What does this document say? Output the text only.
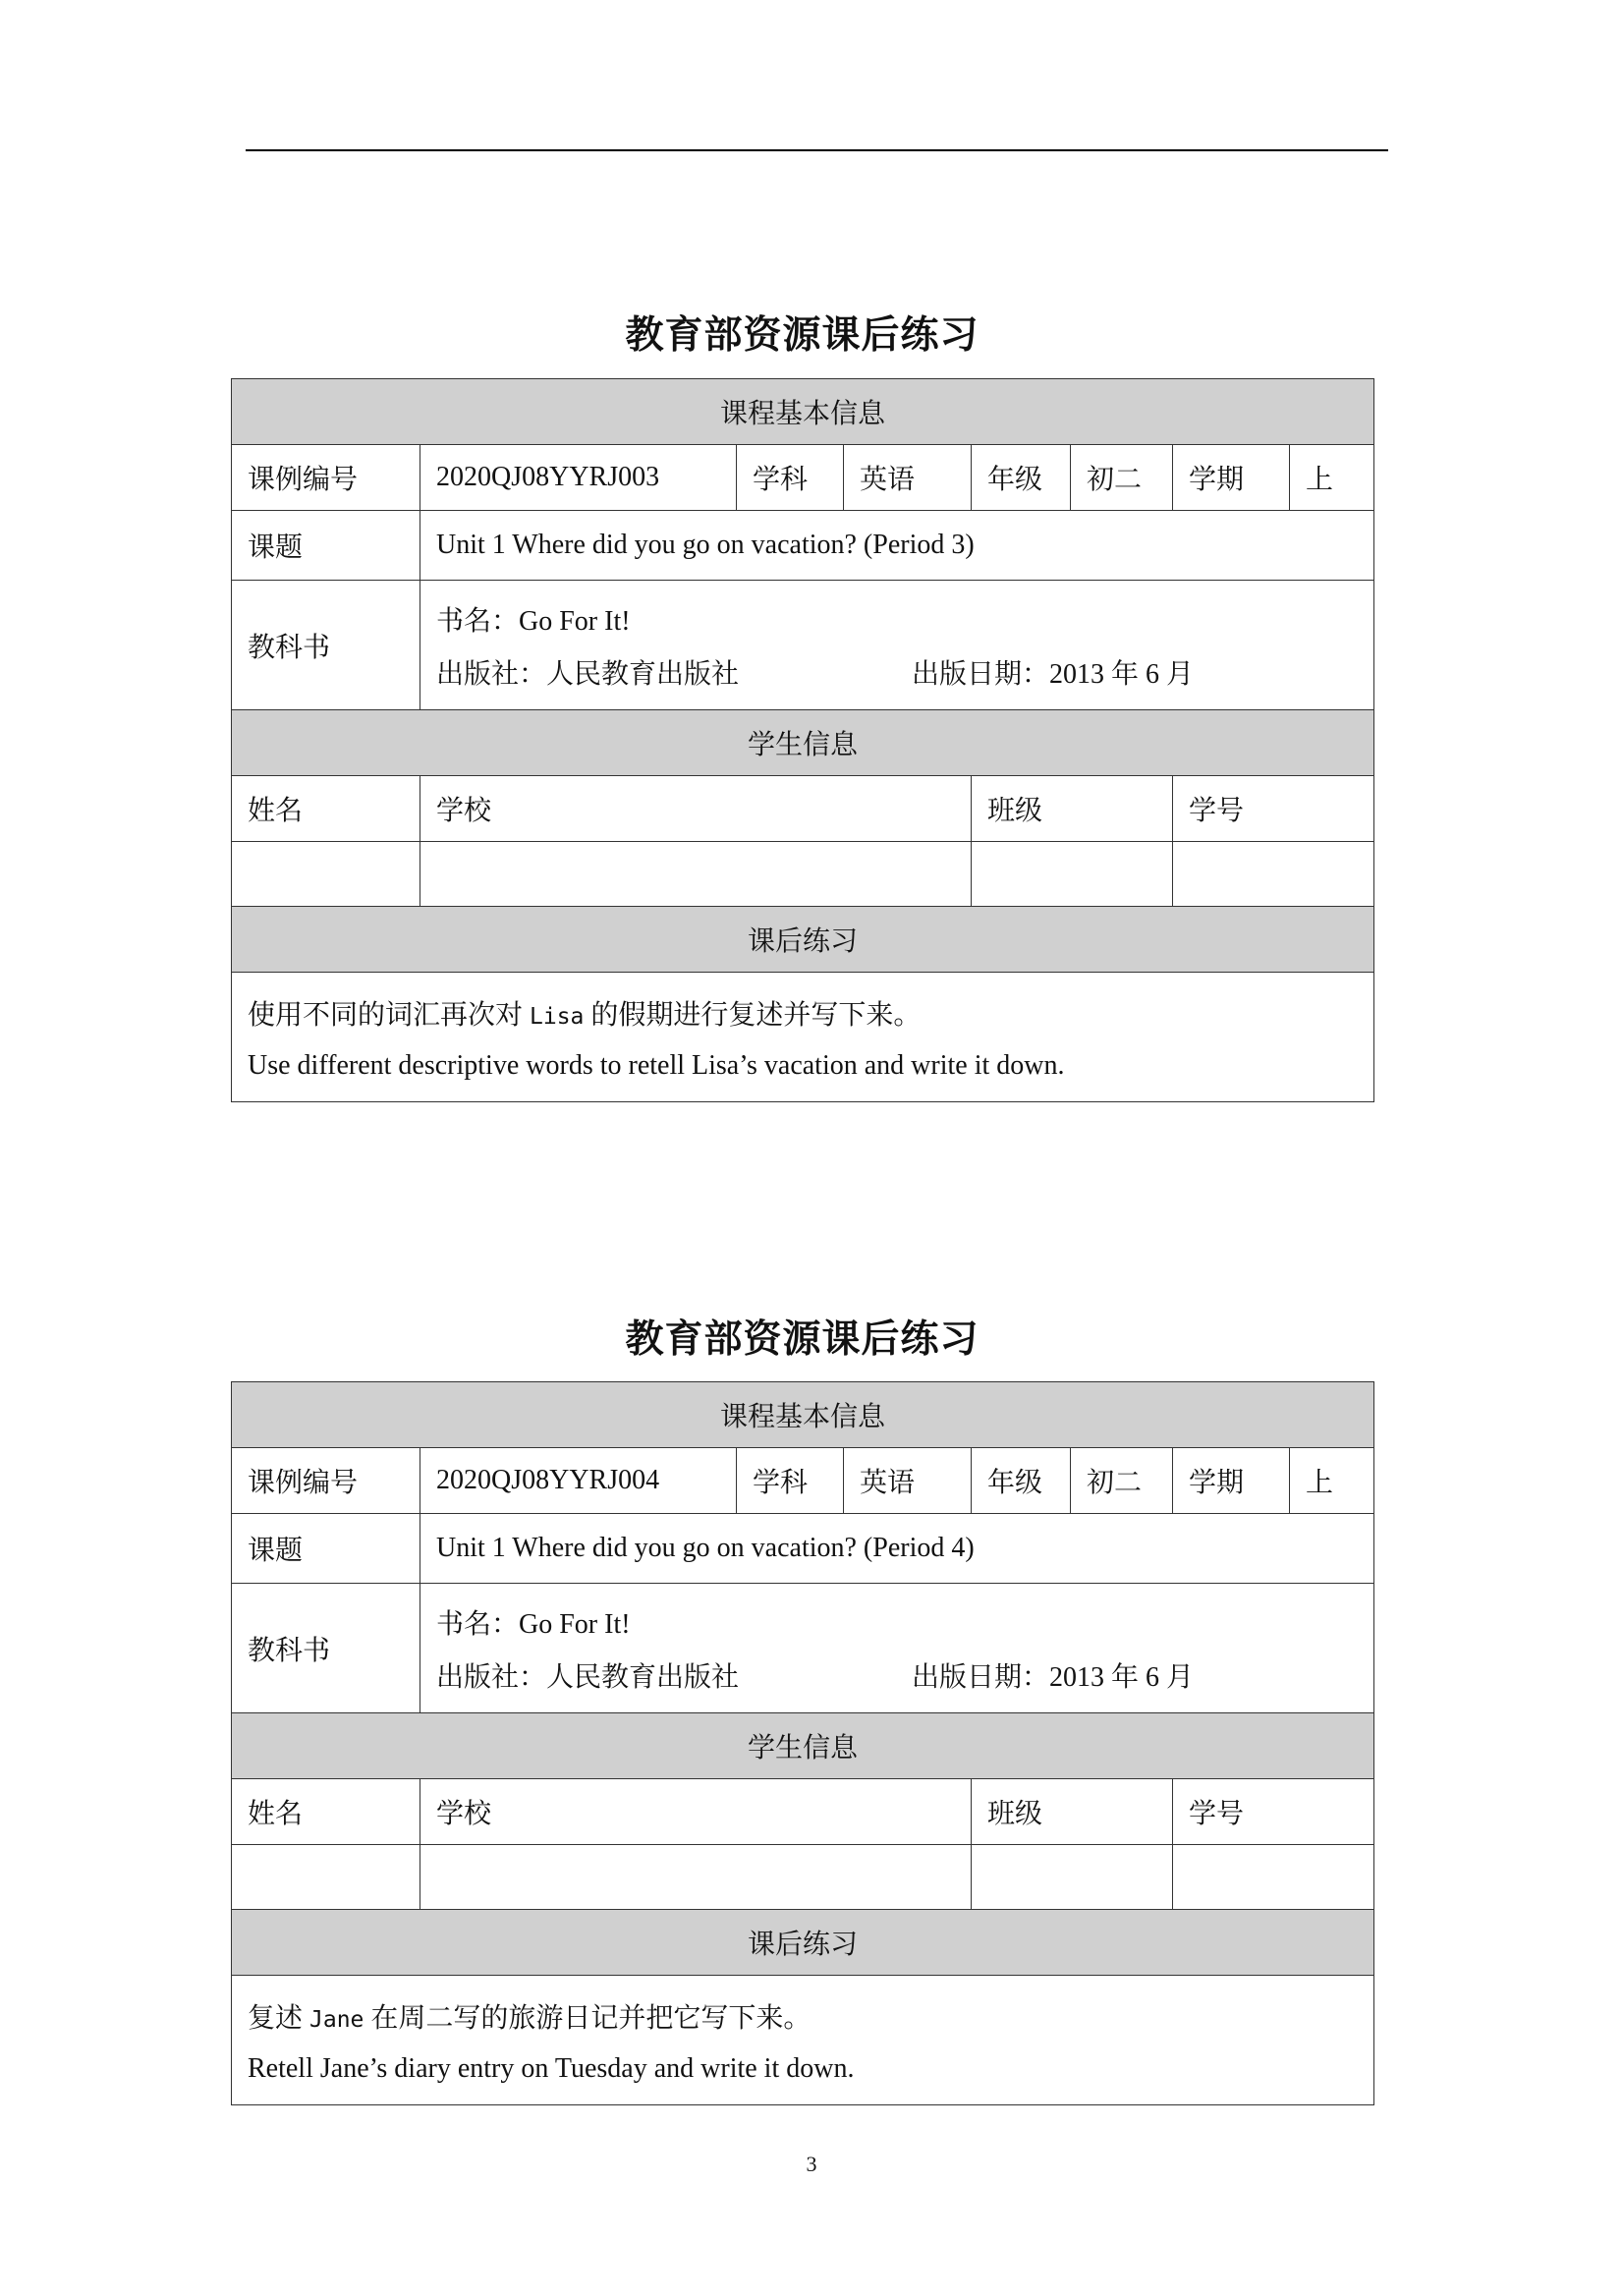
教育部资源课后练习
课程基本信息							
课例编号	2020QJ08YYRJ003	学科	英语	年级	初二	学期	上
课题	Unit 1 Where did you go on vacation? (Period 3)						
教科书	书名：Go For It!
出版社：人民教育出版社 出版日期：2013 年 6 月						

学生信息							
姓名	学校			班级		学号	

课后练习							

使用不同的词汇再次对 Lisa 的假期进行复述并写下来。
Use different descriptive words to retell Lisa’s vacation and write it down.							
教育部资源课后练习
课程基本信息							
课例编号	2020QJ08YYRJ004	学科	英语	年级	初二	学期	上
课题	Unit 1 Where did you go on vacation? (Period 4)						
教科书	书名：Go For It!
出版社：人民教育出版社 出版日期：2013 年 6 月						

学生信息							
姓名	学校			班级		学号	

课后练习							

复述 Jane 在周二写的旅游日记并把它写下来。
Retell Jane’s diary entry on Tuesday and write it down.							
3
